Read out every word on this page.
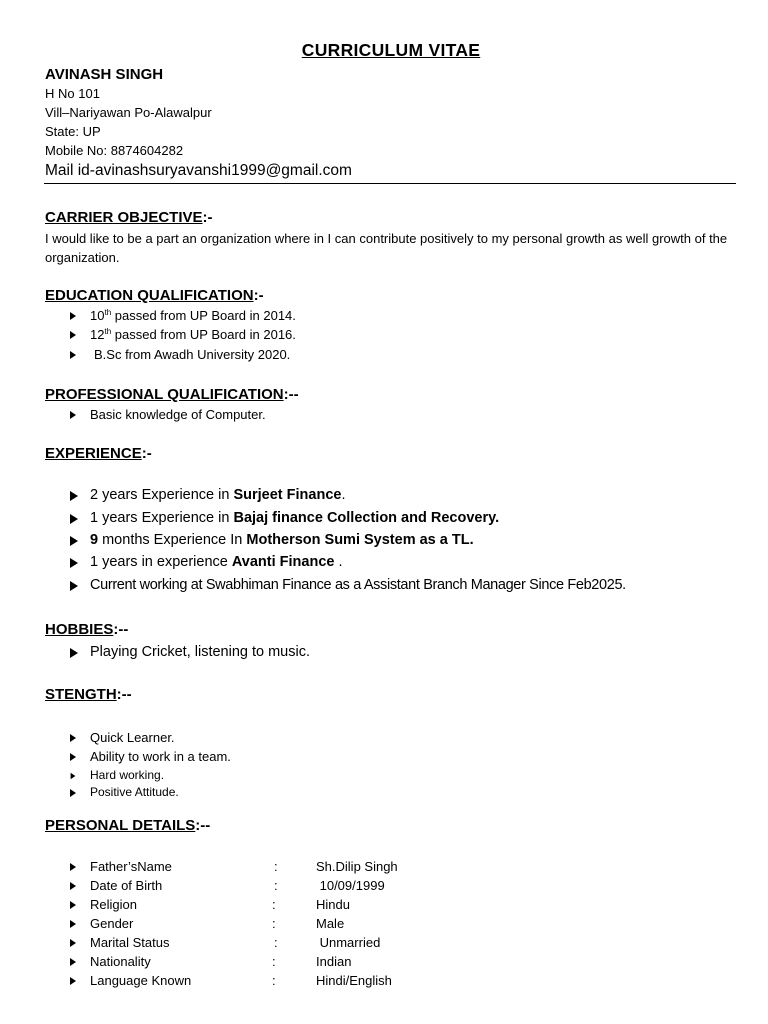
CURRICULUM VITAE
AVINASH SINGH
H No 101
Vill–Nariyawan Po-Alawalpur
State: UP
Mobile No: 8874604282
Mail id-avinashsuryavanshi1999@gmail.com
CARRIER OBJECTIVE:-
I would like to be a part an organization where in I can contribute positively to my personal growth as well growth of the organization.
EDUCATION QUALIFICATION:-
10th passed from UP Board in 2014.
12th passed from UP Board in 2016.
B.Sc from Awadh University 2020.
PROFESSIONAL QUALIFICATION:--
Basic knowledge of Computer.
EXPERIENCE:-
2 years Experience in Surjeet Finance.
1 years Experience in Bajaj finance Collection and Recovery.
9 months Experience In Motherson Sumi System as a TL.
1 years in experience Avanti Finance .
Current working at Swabhiman Finance as a Assistant Branch Manager Since Feb2025.
HOBBIES:--
Playing Cricket, listening to music.
STENGTH:--
Quick Learner.
Ability to work in a team.
Hard working.
Positive Attitude.
PERSONAL DETAILS:--
Father’sName	:	Sh.Dilip Singh
Date of Birth	:	10/09/1999
Religion	:	Hindu
Gender	:	Male
Marital Status	:	Unmarried
Nationality	:	Indian
Language Known	:	Hindi/English
